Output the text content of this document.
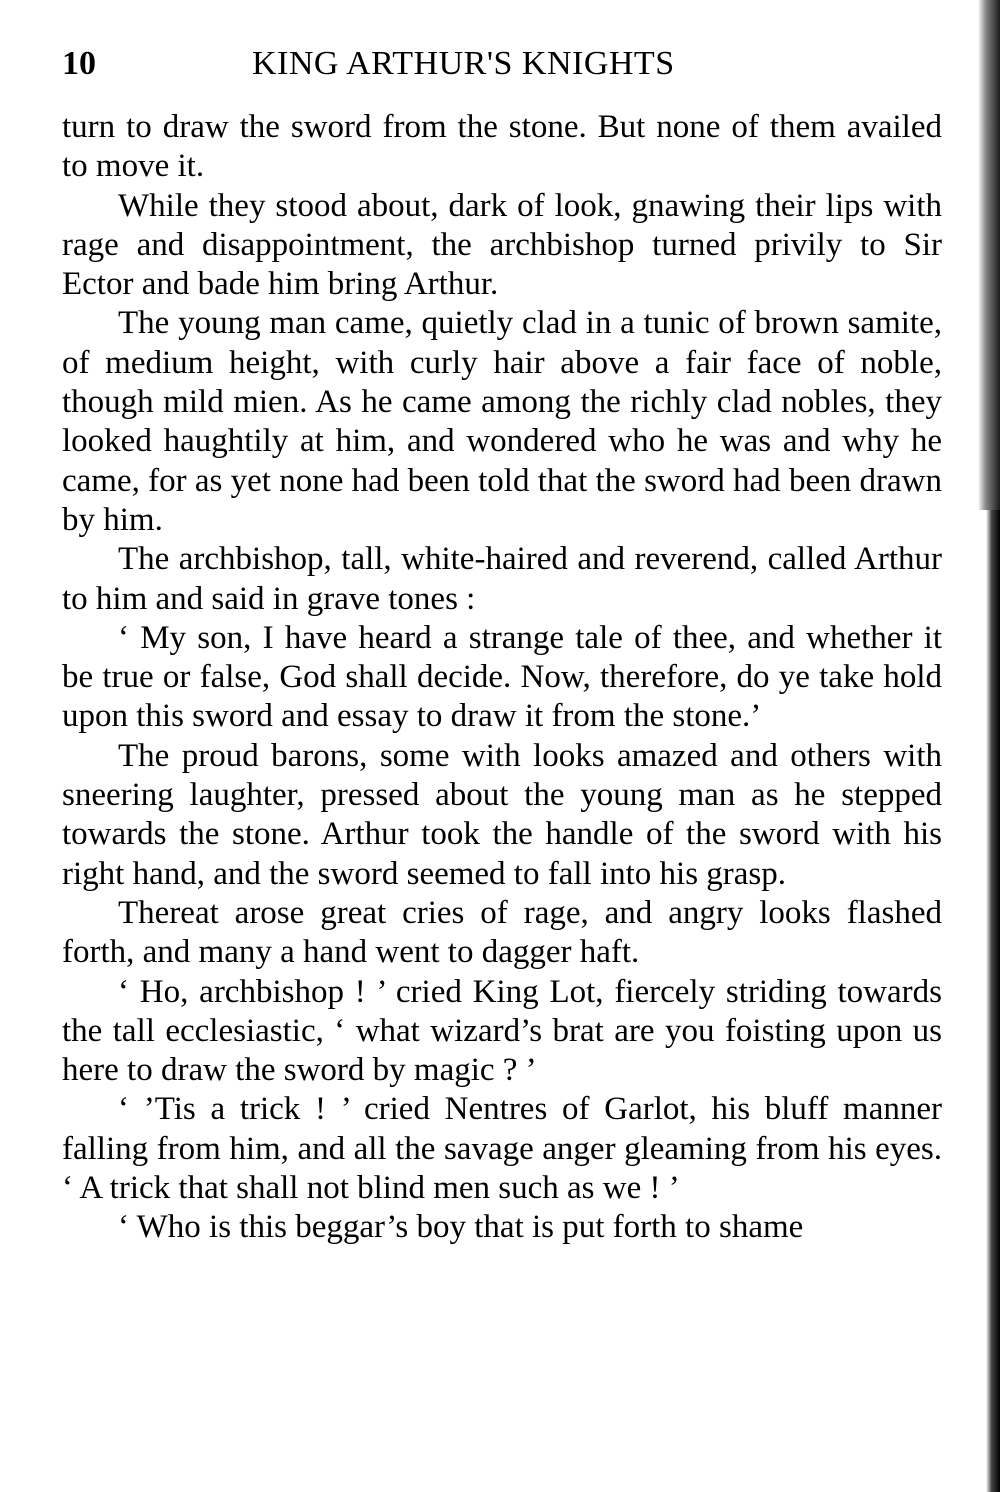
10	KING ARTHUR'S KNIGHTS

turn to draw the sword from the stone. But none of them availed to move it.

While they stood about, dark of look, gnawing their lips with rage and disappointment, the archbishop turned privily to Sir Ector and bade him bring Arthur.

The young man came, quietly clad in a tunic of brown samite, of medium height, with curly hair above a fair face of noble, though mild mien. As he came among the richly clad nobles, they looked haughtily at him, and wondered who he was and why he came, for as yet none had been told that the sword had been drawn by him.

The archbishop, tall, white-haired and reverend, called Arthur to him and said in grave tones :

‘ My son, I have heard a strange tale of thee, and whether it be true or false, God shall decide. Now, therefore, do ye take hold upon this sword and essay to draw it from the stone.’

The proud barons, some with looks amazed and others with sneering laughter, pressed about the young man as he stepped towards the stone. Arthur took the handle of the sword with his right hand, and the sword seemed to fall into his grasp.

Thereat arose great cries of rage, and angry looks flashed forth, and many a hand went to dagger haft.

‘ Ho, archbishop ! ’ cried King Lot, fiercely striding towards the tall ecclesiastic, ‘ what wizard’s brat are you foisting upon us here to draw the sword by magic ? ’

‘ ’Tis a trick ! ’ cried Nentres of Garlot, his bluff manner falling from him, and all the savage anger gleaming from his eyes. ‘ A trick that shall not blind men such as we ! ’

‘ Who is this beggar’s boy that is put forth to shame
